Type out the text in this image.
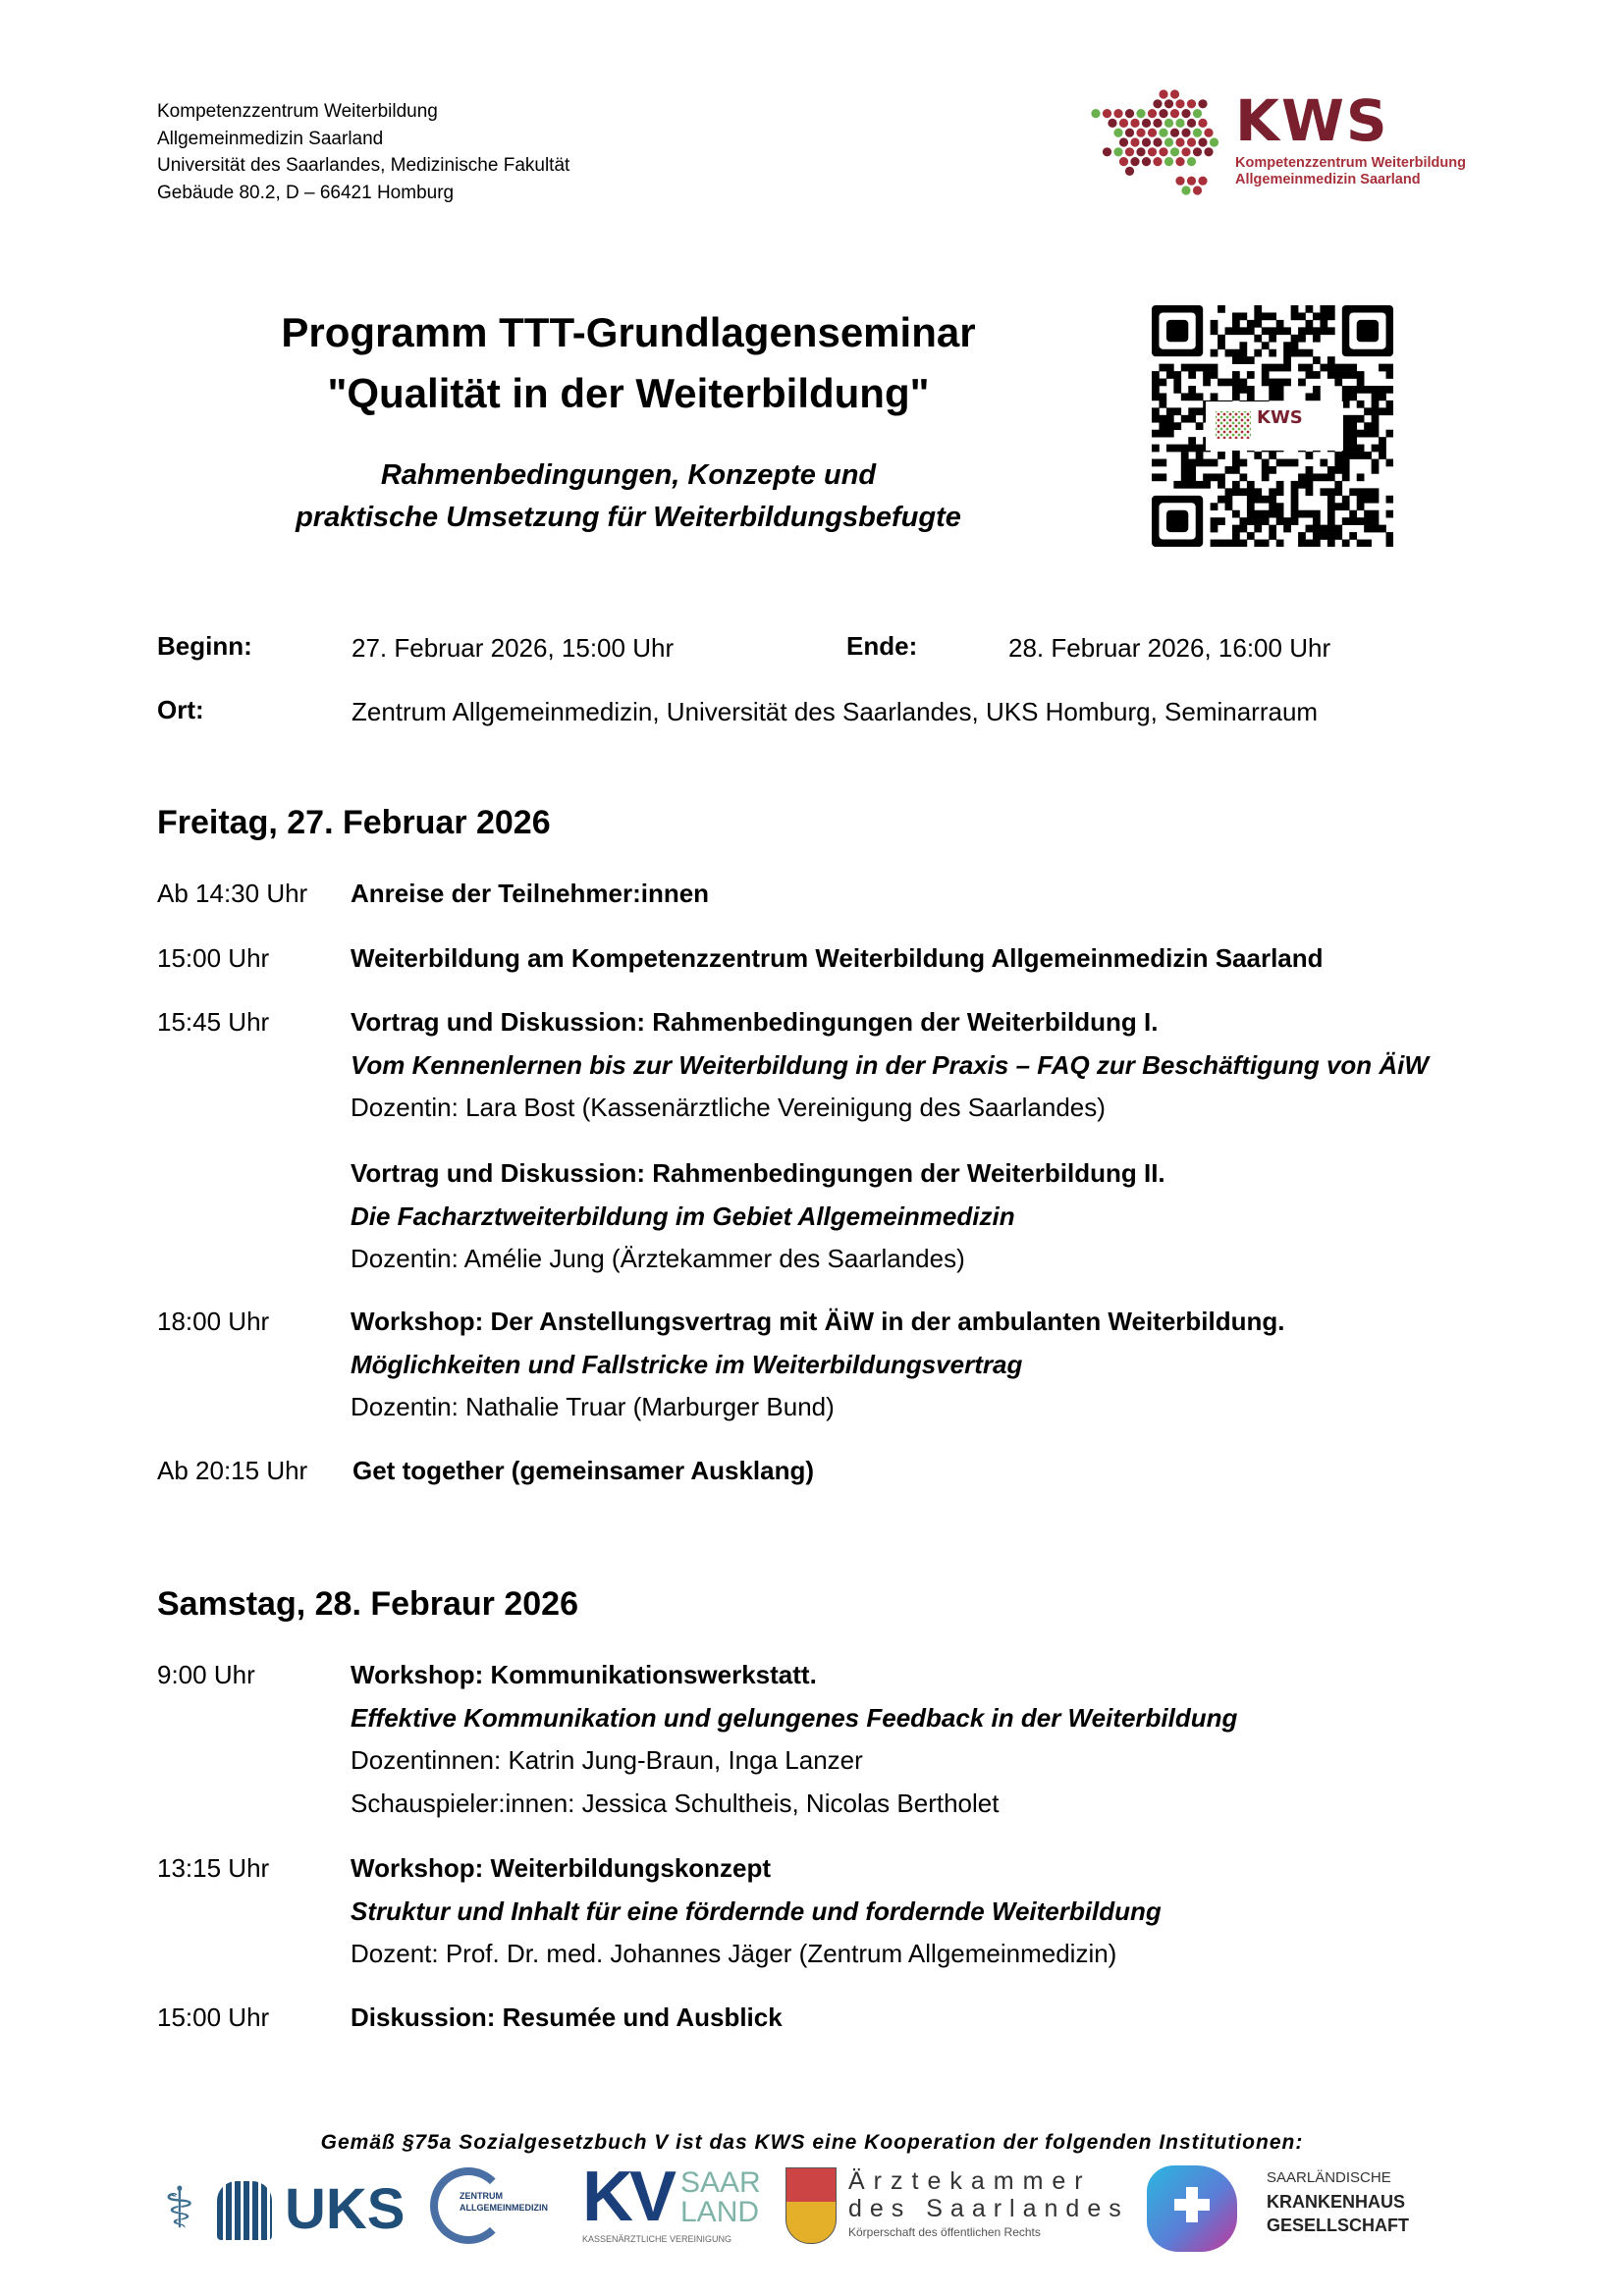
Kompetenzzentrum Weiterbildung
Allgemeinmedizin Saarland
Universität des Saarlandes, Medizinische Fakultät
Gebäude 80.2, D – 66421 Homburg
KWS
Kompetenzzentrum Weiterbildung
Allgemeinmedizin Saarland
Programm TTT-Grundlagenseminar
"Qualität in der Weiterbildung"
Rahmenbedingungen, Konzepte und
praktische Umsetzung für Weiterbildungsbefugte
KWS
Beginn:	27. Februar 2026, 15:00 Uhr	Ende:	28. Februar 2026, 16:00 Uhr
Ort:	Zentrum Allgemeinmedizin, Universität des Saarlandes, UKS Homburg, Seminarraum
Freitag, 27. Februar 2026
Ab 14:30 Uhr Anreise der Teilnehmer:innen
15:00 Uhr	Weiterbildung am Kompetenzzentrum Weiterbildung Allgemeinmedizin Saarland
15:45 Uhr	Vortrag und Diskussion: Rahmenbedingungen der Weiterbildung I.
Vom Kennenlernen bis zur Weiterbildung in der Praxis – FAQ zur Beschäftigung von ÄiW
Dozentin: Lara Bost (Kassenärztliche Vereinigung des Saarlandes)
Vortrag und Diskussion: Rahmenbedingungen der Weiterbildung II.
Die Facharztweiterbildung im Gebiet Allgemeinmedizin
Dozentin: Amélie Jung (Ärztekammer des Saarlandes)
18:00 Uhr	Workshop: Der Anstellungsvertrag mit ÄiW in der ambulanten Weiterbildung.
Möglichkeiten und Fallstricke im Weiterbildungsvertrag
Dozentin: Nathalie Truar (Marburger Bund)
Ab 20:15 Uhr Get together (gemeinsamer Ausklang)
Samstag, 28. Febraur 2026
9:00 Uhr	Workshop: Kommunikationswerkstatt.
Effektive Kommunikation und gelungenes Feedback in der Weiterbildung
Dozentinnen: Katrin Jung-Braun, Inga Lanzer
Schauspieler:innen: Jessica Schultheis, Nicolas Bertholet
13:15 Uhr	Workshop: Weiterbildungskonzept
Struktur und Inhalt für eine fördernde und fordernde Weiterbildung
Dozent: Prof. Dr. med. Johannes Jäger (Zentrum Allgemeinmedizin)
15:00 Uhr	Diskussion: Resumée und Ausblick
Gemäß §75a Sozialgesetzbuch V ist das KWS eine Kooperation der folgenden Institutionen:
⚕ UKS	ZENTRUM
ALLGEMEINMEDIZIN KV SAAR
LAND
KASSENÄRZTLICHE VEREINIGUNG
Ärztekammer
des Saarlandes
Körperschaft des öffentlichen Rechts
SAARLÄNDISCHE
KRANKENHAUS
GESELLSCHAFT
